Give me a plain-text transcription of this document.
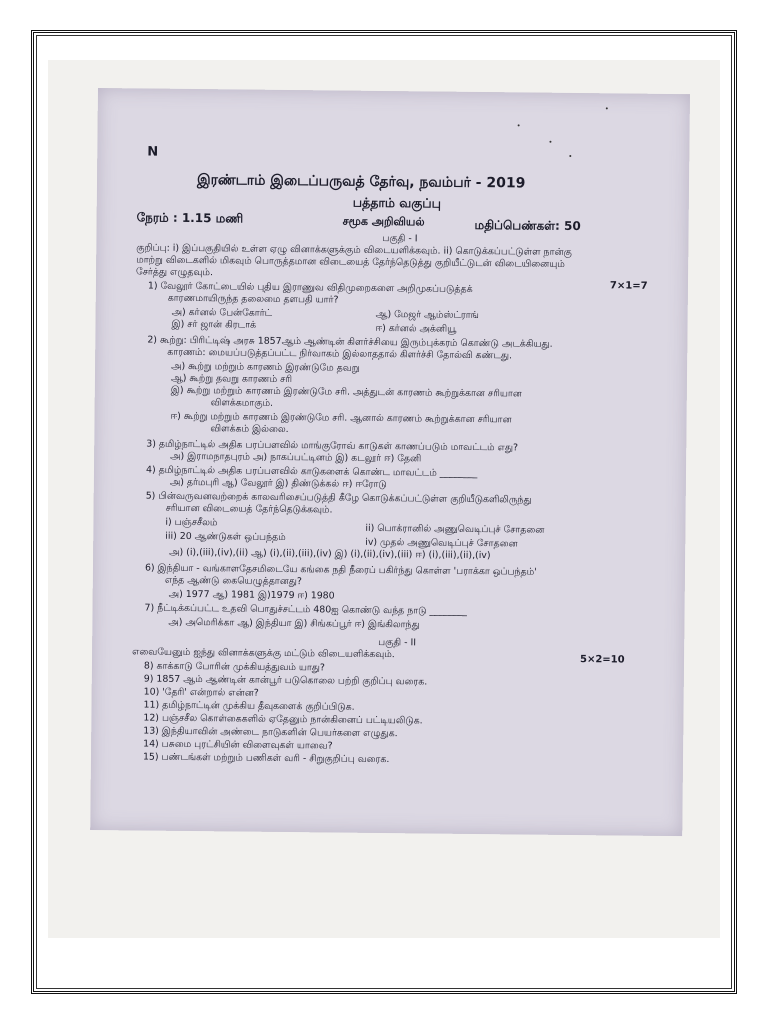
N
இரண்டாம் இடைப்பருவத் தேர்வு, நவம்பர் - 2019
பத்தாம் வகுப்பு
நேரம் : 1.15 மணி	சமூக அறிவியல்	மதிப்பெண்கள்: 50
பகுதி - I
குறிப்பு: i) இப்பகுதியில் உள்ள ஏழு வினாக்களுக்கும் விடையளிக்கவும். ii) கொடுக்கப்பட்டுள்ள நான்கு
மாற்று விடைகளில் மிகவும் பொருத்தமான விடையைத் தேர்ந்தெடுத்து குறியீட்டுடன் விடையினையும்
சேர்த்து எழுதவும்.
7×1=7
1) வேலூர் கோட்டையில் புதிய இராணுவ விதிமுறைகளை அறிமுகப்படுத்தக்
காரணமாயிருந்த தலைமை தளபதி யார்?
அ) கர்னல் பேன்கோர்ட்	ஆ) மேஜர் ஆம்ஸ்ட்ராங்
இ) சர் ஜான் கிரடாக்	ஈ) கர்னல் அக்னியூ
2) கூற்று: பிரிட்டிஷ் அரசு 1857ஆம் ஆண்டின் கிளர்ச்சியை இரும்புக்கரம் கொண்டு அடக்கியது.
காரணம்: மையப்படுத்தப்பட்ட நிர்வாகம் இல்லாததால் கிளர்ச்சி தோல்வி கண்டது.
அ) கூற்று மற்றும் காரணம் இரண்டுமே தவறு
ஆ) கூற்று தவறு காரணம் சரி
இ) கூற்று மற்றும் காரணம் இரண்டுமே சரி. அத்துடன் காரணம் கூற்றுக்கான சரியான
விளக்கமாகும்.
ஈ) கூற்று மற்றும் காரணம் இரண்டுமே சரி. ஆனால் காரணம் கூற்றுக்கான சரியான
விளக்கம் இல்லை.
3) தமிழ்நாட்டில் அதிக பரப்பளவில் மாங்குரோவ் காடுகள் காணப்படும் மாவட்டம் எது?
அ) இராமநாதபுரம் அ) நாகப்பட்டினம் இ) கடலூர் ஈ) தேனி
4) தமிழ்நாட்டில் அதிக பரப்பளவில் காடுகளைக் கொண்ட மாவட்டம் ________
அ) தர்மபுரி ஆ) வேலூர் இ) திண்டுக்கல் ஈ) ஈரோடு
5) பின்வருவனவற்றைக் காலவரிசைப்படுத்தி கீழே கொடுக்கப்பட்டுள்ள குறியீடுகளிலிருந்து
சரியான விடையைத் தேர்ந்தெடுக்கவும்.
i) பஞ்சசீலம்
ii) பொக்ரானில் அணுவெடிப்புச் சோதனை
iii) 20 ஆண்டுகள் ஒப்பந்தம்	iv) முதல் அணுவெடிப்புச் சோதனை
அ) (i),(iii),(iv),(ii) ஆ) (i),(ii),(iii),(iv) இ) (i),(ii),(iv),(iii) ஈ) (i),(iii),(ii),(iv)
6) இந்தியா - வங்காளதேசமிடையே கங்கை நதி நீரைப் பகிர்ந்து கொள்ள 'பராக்கா ஒப்பந்தம்'
எந்த ஆண்டு கையெழுத்தானது?
அ) 1977 ஆ) 1981 இ)1979 ஈ) 1980
7) நீட்டிக்கப்பட்ட உதவி பொதுச்சட்டம் 480ஐ கொண்டு வந்த நாடு ________
அ) அமெரிக்கா ஆ) இந்தியா இ) சிங்கப்பூர் ஈ) இங்கிலாந்து
பகுதி - II
எவையேனும் ஐந்து வினாக்களுக்கு மட்டும் விடையளிக்கவும்.	5×2=10
8) காக்காடு போரின் முக்கியத்துவம் யாது?
9) 1857 ஆம் ஆண்டின் கான்பூர் படுகொலை பற்றி குறிப்பு வரைக.
10) 'தேரி' என்றால் என்ன?
11) தமிழ்நாட்டின் முக்கிய தீவுகளைக் குறிப்பிடுக.
12) பஞ்சசீல கொள்கைகளில் ஏதேனும் நான்கினைப் பட்டியலிடுக.
13) இந்தியாவின் அண்டை நாடுகளின் பெயர்களை எழுதுக.
14) பசுமை புரட்சியின் விளைவுகள் யாவை?
15) பண்டங்கள் மற்றும் பணிகள் வரி - சிறுகுறிப்பு வரைக.
